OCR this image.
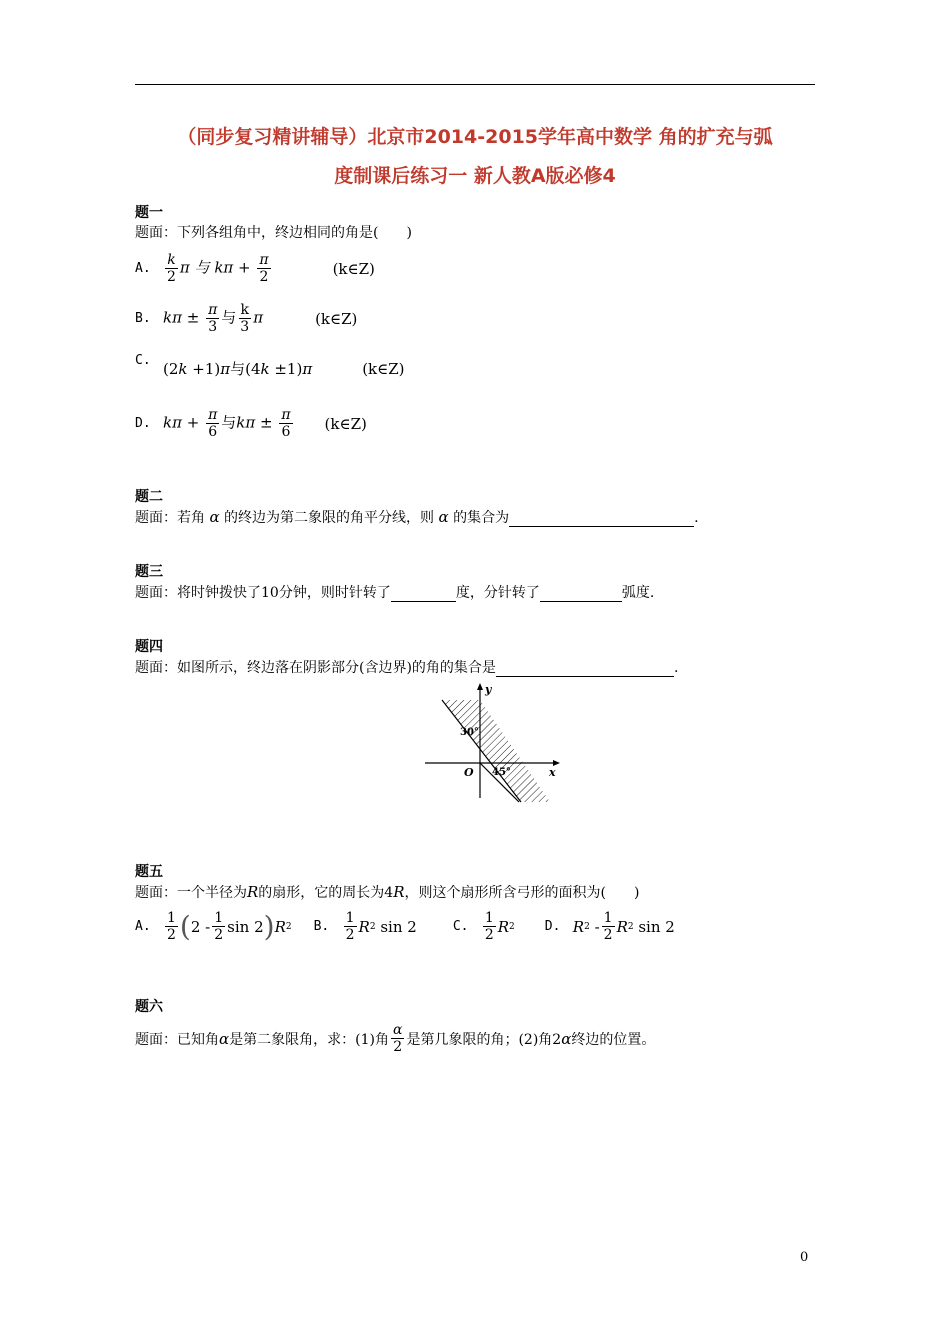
（同步复习精讲辅导）北京市2014-2015学年高中数学 角的扩充与弧
度制课后练习一 新人教A版必修4
题一
题面：下列各组角中，终边相同的角是(　　)
A.	$\frac{k}{2}$ π 与 $k\pi + \frac{\pi}{2}$	(k∈Z)
B. $k\pi \pm \frac{\pi}{3}$ 与 $\frac{k}{3}$ π	(k∈Z)
C. (2k +1)π与(4k ±1)π	(k∈Z)
D. $k\pi + \frac{\pi}{6}$ 与$k\pi \pm \frac{\pi}{6}$ (k∈Z)
题二
题面：若角 α 的终边为第二象限的角平分线，则 α 的集合为	.
题三
题面：将时钟拨快了10分钟，则时针转了	度，分针转了	弧度.
题四
题面：如图所示，终边落在阴影部分(含边界)的角的集合是	.
y
x
O
30°
45°
题五
题面：一个半径为R的扇形，它的周长为4R，则这个扇形所含弓形的面积为(　　)
A.	$\frac{1}{2}$ ( $2 - \frac{1}{2}$ sin 2 ) R 2 B.	$\frac{1}{2}$ R 2 sin 2	C.	$\frac{1}{2}$ R 2 D. R $2 - \frac{1}{2}$ R 2 sin 2
题六
题面：已知角 α 是第二象限角，求：(1)角 $\frac{\alpha}{2}$ 是第几象限的角；(2)角2 α 终边的位置。
0
